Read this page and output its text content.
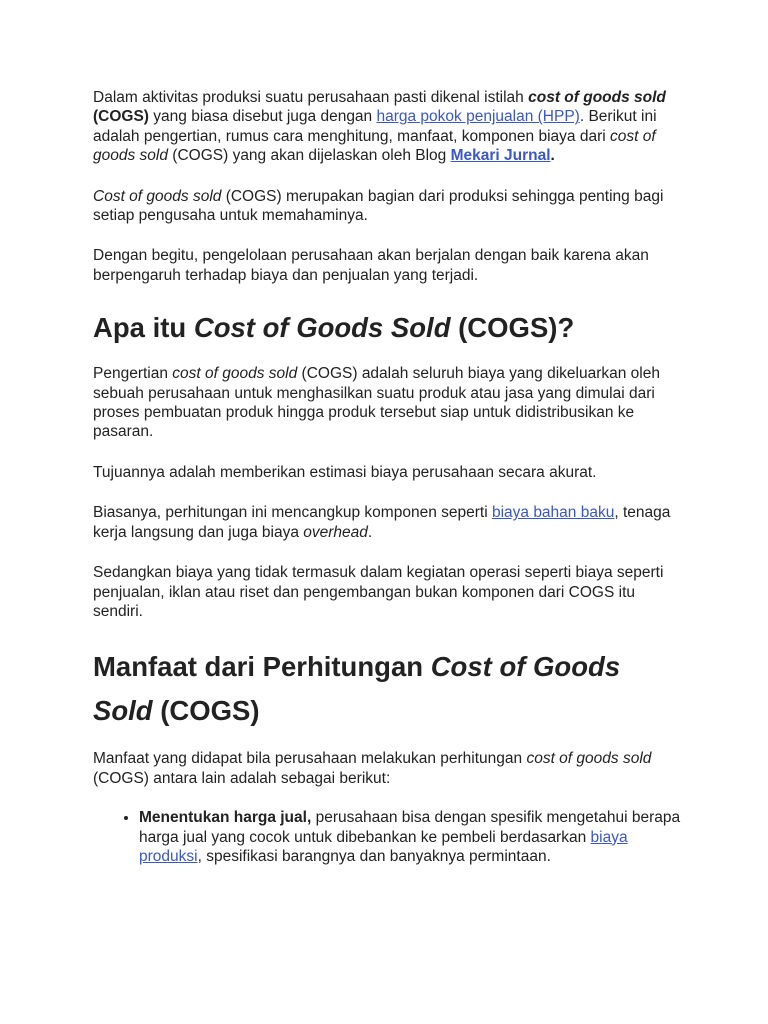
Dalam aktivitas produksi suatu perusahaan pasti dikenal istilah cost of goods sold (COGS) yang biasa disebut juga dengan harga pokok penjualan (HPP). Berikut ini adalah pengertian, rumus cara menghitung, manfaat, komponen biaya dari cost of goods sold (COGS) yang akan dijelaskan oleh Blog Mekari Jurnal.

Cost of goods sold (COGS) merupakan bagian dari produksi sehingga penting bagi setiap pengusaha untuk memahaminya.

Dengan begitu, pengelolaan perusahaan akan berjalan dengan baik karena akan berpengaruh terhadap biaya dan penjualan yang terjadi.

Apa itu Cost of Goods Sold (COGS)?

Pengertian cost of goods sold (COGS) adalah seluruh biaya yang dikeluarkan oleh sebuah perusahaan untuk menghasilkan suatu produk atau jasa yang dimulai dari proses pembuatan produk hingga produk tersebut siap untuk didistribusikan ke pasaran.

Tujuannya adalah memberikan estimasi biaya perusahaan secara akurat.

Biasanya, perhitungan ini mencangkup komponen seperti biaya bahan baku, tenaga kerja langsung dan juga biaya overhead.

Sedangkan biaya yang tidak termasuk dalam kegiatan operasi seperti biaya seperti penjualan, iklan atau riset dan pengembangan bukan komponen dari COGS itu sendiri.

Manfaat dari Perhitungan Cost of Goods Sold (COGS)

Manfaat yang didapat bila perusahaan melakukan perhitungan cost of goods sold (COGS) antara lain adalah sebagai berikut:

• Menentukan harga jual, perusahaan bisa dengan spesifik mengetahui berapa harga jual yang cocok untuk dibebankan ke pembeli berdasarkan biaya produksi, spesifikasi barangnya dan banyaknya permintaan.
